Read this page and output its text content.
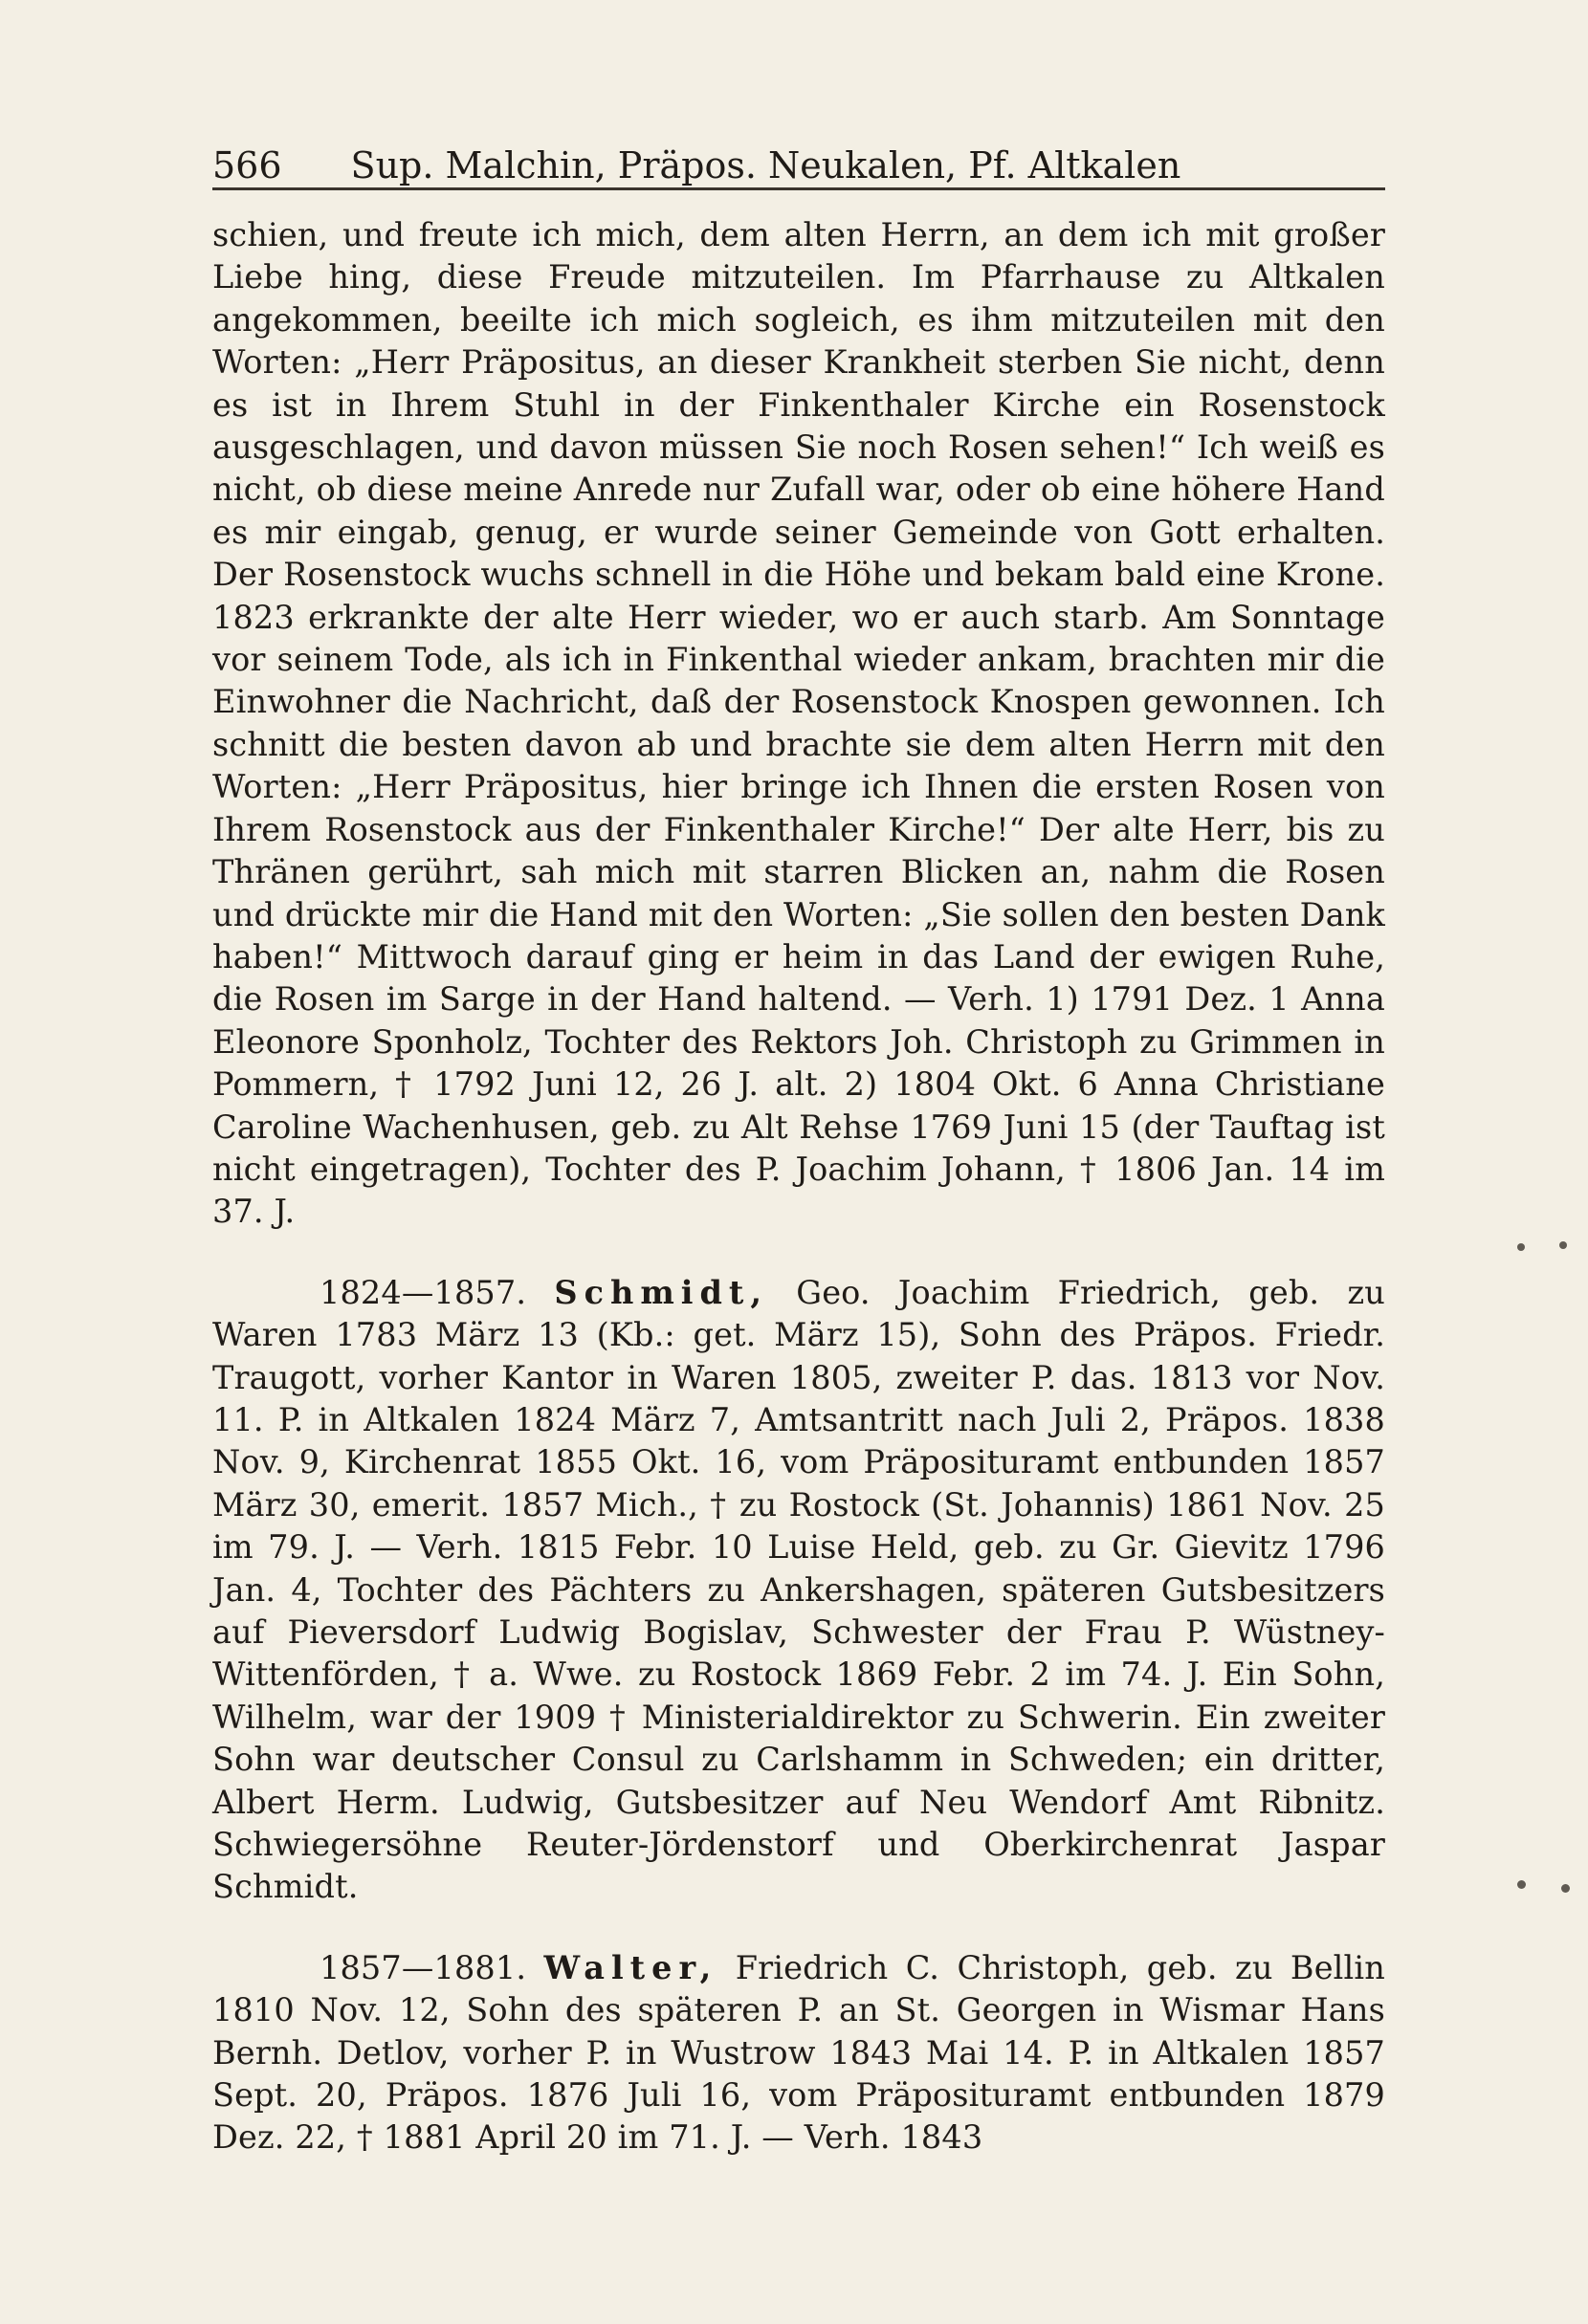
566 Sup. Malchin, Präpos. Neukalen, Pf. Altkalen

schien, und freute ich mich, dem alten Herrn, an dem ich mit großer Liebe hing, diese Freude mitzuteilen. Im Pfarrhause zu Altkalen angekommen, beeilte ich mich sogleich, es ihm mitzuteilen mit den Worten: „Herr Präpositus, an dieser Krankheit sterben Sie nicht, denn es ist in Ihrem Stuhl in der Finkenthaler Kirche ein Rosenstock ausgeschlagen, und davon müssen Sie noch Rosen sehen!“ Ich weiß es nicht, ob diese meine Anrede nur Zufall war, oder ob eine höhere Hand es mir eingab, genug, er wurde seiner Gemeinde von Gott erhalten. Der Rosenstock wuchs schnell in die Höhe und bekam bald eine Krone. 1823 erkrankte der alte Herr wieder, wo er auch starb. Am Sonntage vor seinem Tode, als ich in Finkenthal wieder ankam, brachten mir die Einwohner die Nachricht, daß der Rosenstock Knospen gewonnen. Ich schnitt die besten davon ab und brachte sie dem alten Herrn mit den Worten: „Herr Präpositus, hier bringe ich Ihnen die ersten Rosen von Ihrem Rosenstock aus der Finkenthaler Kirche!“ Der alte Herr, bis zu Thränen gerührt, sah mich mit starren Blicken an, nahm die Rosen und drückte mir die Hand mit den Worten: „Sie sollen den besten Dank haben!“ Mittwoch darauf ging er heim in das Land der ewigen Ruhe, die Rosen im Sarge in der Hand haltend. — Verh. 1) 1791 Dez. 1 Anna Eleonore Sponholz, Tochter des Rektors Joh. Christoph zu Grimmen in Pommern, † 1792 Juni 12, 26 J. alt. 2) 1804 Okt. 6 Anna Christiane Caroline Wachenhusen, geb. zu Alt Rehse 1769 Juni 15 (der Tauftag ist nicht eingetragen), Tochter des P. Joachim Johann, † 1806 Jan. 14 im 37. J.

1824—1857. Schmidt, Geo. Joachim Friedrich, geb. zu Waren 1783 März 13 (Kb.: get. März 15), Sohn des Präpos. Friedr. Traugott, vorher Kantor in Waren 1805, zweiter P. das. 1813 vor Nov. 11. P. in Altkalen 1824 März 7, Amtsantritt nach Juli 2, Präpos. 1838 Nov. 9, Kirchenrat 1855 Okt. 16, vom Präposituramt entbunden 1857 März 30, emerit. 1857 Mich., † zu Rostock (St. Johannis) 1861 Nov. 25 im 79. J. — Verh. 1815 Febr. 10 Luise Held, geb. zu Gr. Gievitz 1796 Jan. 4, Tochter des Pächters zu Ankershagen, späteren Gutsbesitzers auf Pieversdorf Ludwig Bogislav, Schwester der Frau P. Wüstney-Wittenförden, † a. Wwe. zu Rostock 1869 Febr. 2 im 74. J. Ein Sohn, Wilhelm, war der 1909 † Ministerialdirektor zu Schwerin. Ein zweiter Sohn war deutscher Consul zu Carlshamm in Schweden; ein dritter, Albert Herm. Ludwig, Gutsbesitzer auf Neu Wendorf Amt Ribnitz. Schwiegersöhne Reuter-Jördenstorf und Oberkirchenrat Jaspar Schmidt.

1857—1881. Walter, Friedrich C. Christoph, geb. zu Bellin 1810 Nov. 12, Sohn des späteren P. an St. Georgen in Wismar Hans Bernh. Detlov, vorher P. in Wustrow 1843 Mai 14. P. in Altkalen 1857 Sept. 20, Präpos. 1876 Juli 16, vom Präposituramt entbunden 1879 Dez. 22, † 1881 April 20 im 71. J. — Verh. 1843
